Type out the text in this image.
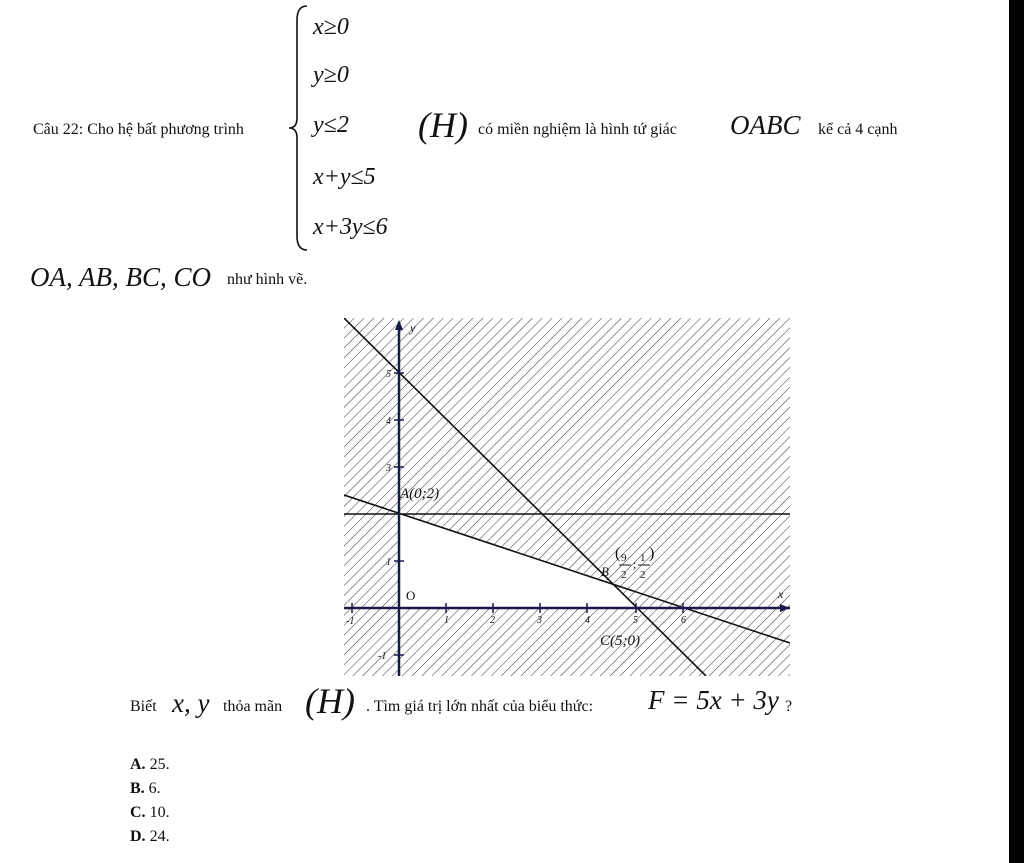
Câu 22: Cho hệ bất phương trình
x≥0
y≥0
y≤2
x+y≤5
x+3y≤6
(H) có miền nghiệm là hình tứ giác OABC kể cả 4 cạnh
OA, AB, BC, CO như hình vẽ.
-1	1	2	3	4	5	6
-1
1
3
4
5
y
x
O
A(0;2)
B
( 9
2
; 1
2
)
C(5;0)
Biết x, y thỏa mãn (H) . Tìm giá trị lớn nhất của biểu thức: F = 5x + 3y ?
A. 25.
B. 6.
C. 10.
D. 24.
